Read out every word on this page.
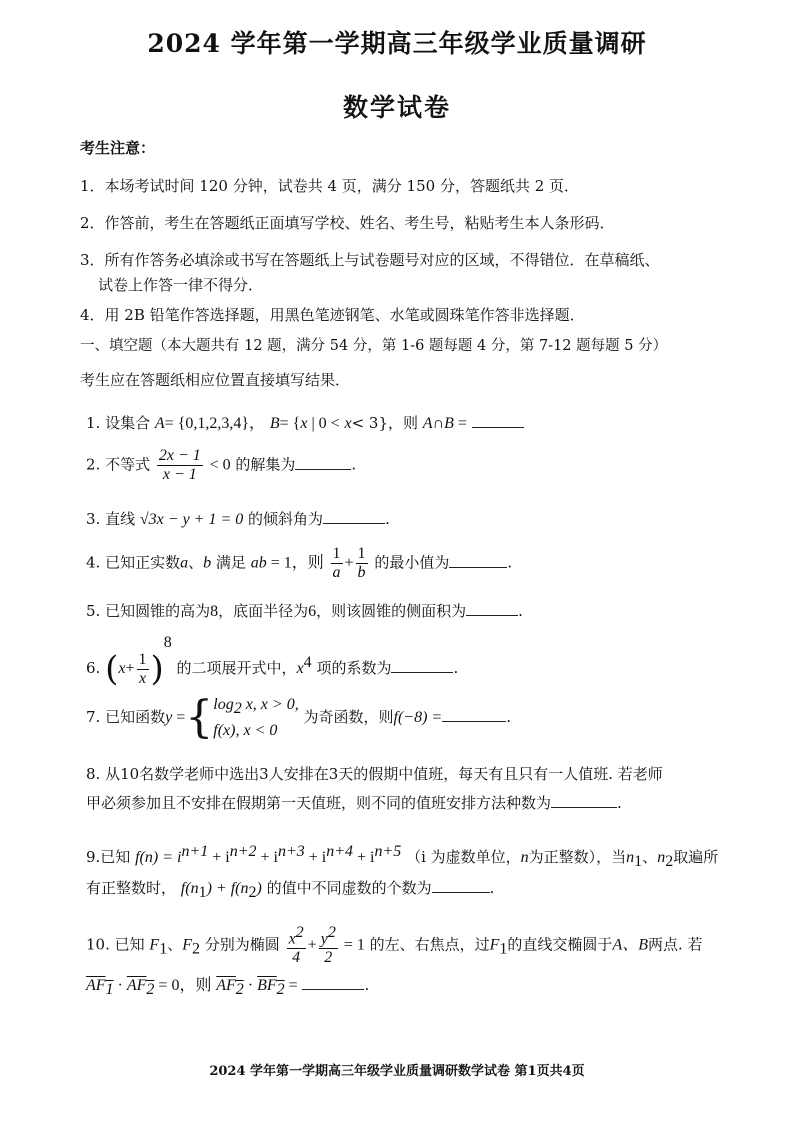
2024 学年第一学期高三年级学业质量调研
数学试卷
考生注意：
1．本场考试时间 120 分钟，试卷共 4 页，满分 150 分，答题纸共 2 页．
2．作答前，考生在答题纸正面填写学校、姓名、考生号，粘贴考生本人条形码．
3．所有作答务必填涂或书写在答题纸上与试卷题号对应的区域，不得错位．在草稿纸、
试卷上作答一律不得分．
4．用 2B 铅笔作答选择题，用黑色笔迹钢笔、水笔或圆珠笔作答非选择题．
一、填空题（本大题共有 12 题，满分 54 分，第 1-6 题每题 4 分，第 7-12 题每题 5 分）
考生应在答题纸相应位置直接填写结果．
1. 设集合 A= {0,1,2,3,4}， B= {x | 0 < x< 3}，则 A∩B =
2. 不等式 $\frac{2x - 1}{x - 1} < 0$ 的解集为	.
3. 直线 √3x − y + 1 = 0 的倾斜角为	.
4. 已知正实数a、b 满足 ab = 1，则 $\frac{1}{a} + \frac{1}{b}$ 的最小值为	.
5. 已知圆锥的高为8，底面半径为6，则该圆锥的侧面积为	.
6. $(x+ \frac{1}{x} )^8$ 的二项展开式中，$x^4$ 项的系数为	.
7. 已知函数y ={ $\log_2 x$, x > 0,
f(x), x < 0
为奇函数，则f(−8) =	.
8. 从10名数学老师中选出3人安排在3天的假期中值班，每天有且只有一人值班. 若老师
甲必须参加且不安排在假期第一天值班，则不同的值班安排方法种数为	.
9.已知 $f(n) = i^{n+1} + i^{n+2} + i^{n+3} + i^{n+4} + i^{n+5}$ （i 为虚数单位，n为正整数），当$n_1$、$n_2$取遍所
有正整数时， $f(n_1) + f(n_2)$ 的值中不同虚数的个数为	.
10. 已知 $F_1$、$F_2$ 分别为椭圆 $\frac{x^2}{4} + \frac{y^2}{2} = 1$ 的左、右焦点，过$F_1$的直线交椭圆于A、B两点. 若
$AF_1 \cdot AF_2 = 0$，则 $AF_2 \cdot BF_2$ =	.
2024 学年第一学期高三年级学业质量调研数学试卷 第1页共4页
